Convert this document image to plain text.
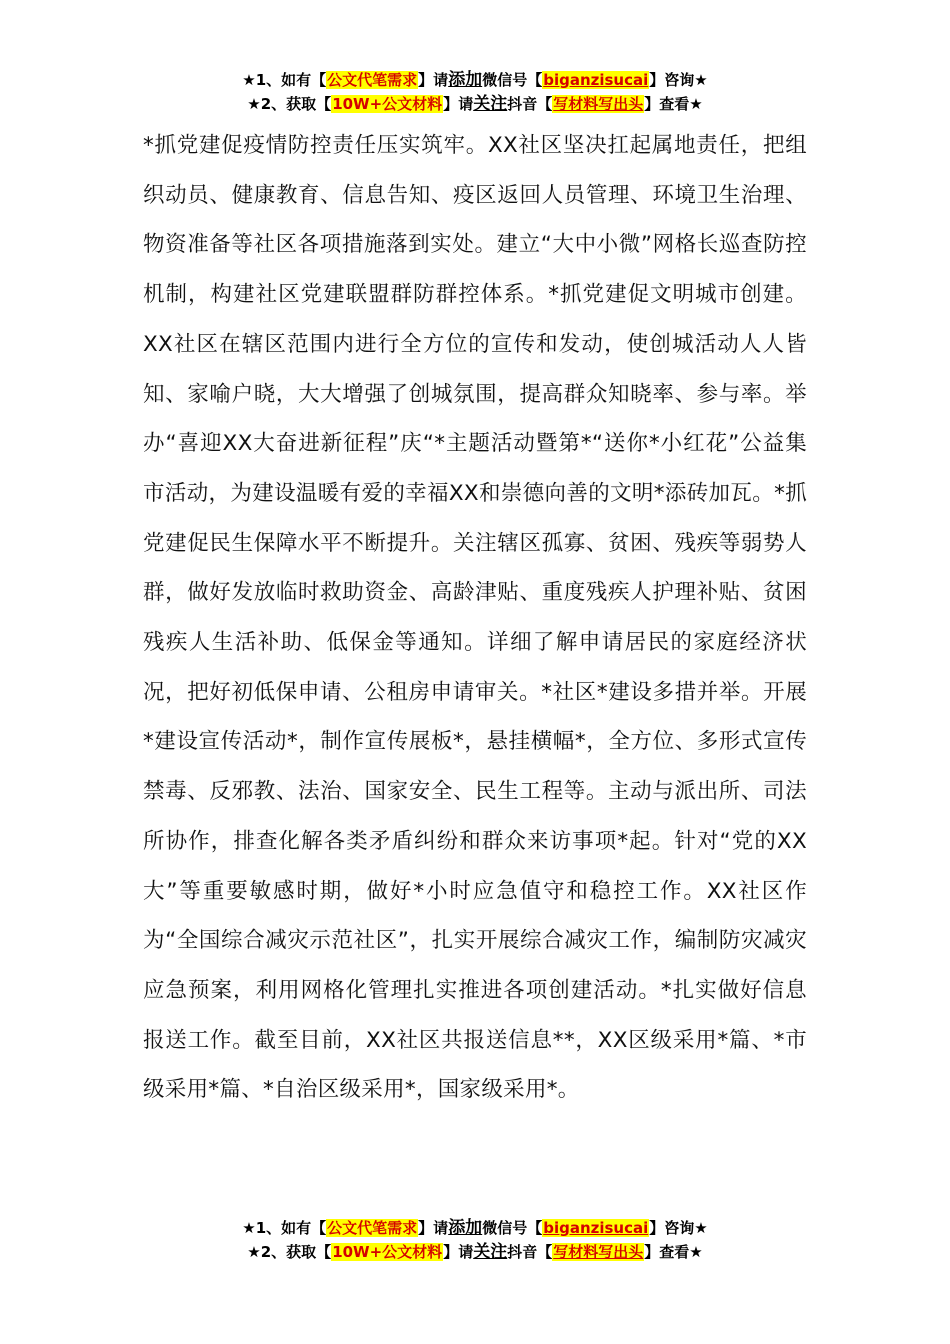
★1、如有【公文代笔需求】请添加微信号【biganzisucai】咨询★
★2、获取【10W+公文材料】请关注抖音【写材料写出头】查看★

*抓党建促疫情防控责任压实筑牢。XX社区坚决扛起属地责任，把组织动员、健康教育、信息告知、疫区返回人员管理、环境卫生治理、物资准备等社区各项措施落到实处。建立“大中小微”网格长巡查防控机制，构建社区党建联盟群防群控体系。*抓党建促文明城市创建。XX社区在辖区范围内进行全方位的宣传和发动，使创城活动人人皆知、家喻户晓，大大增强了创城氛围，提高群众知晓率、参与率。举办“喜迎XX大奋进新征程”庆“*主题活动暨第*“送你*小红花”公益集市活动，为建设温暖有爱的幸福XX和崇德向善的文明*添砖加瓦。*抓党建促民生保障水平不断提升。关注辖区孤寡、贫困、残疾等弱势人群，做好发放临时救助资金、高龄津贴、重度残疾人护理补贴、贫困残疾人生活补助、低保金等通知。详细了解申请居民的家庭经济状况，把好初低保申请、公租房申请审关。*社区*建设多措并举。开展*建设宣传活动*，制作宣传展板*，悬挂横幅*，全方位、多形式宣传禁毒、反邪教、法治、国家安全、民生工程等。主动与派出所、司法所协作，排查化解各类矛盾纠纷和群众来访事项*起。针对“党的XX大”等重要敏感时期，做好*小时应急值守和稳控工作。XX社区作为“全国综合减灾示范社区”，扎实开展综合减灾工作，编制防灾减灾应急预案，利用网格化管理扎实推进各项创建活动。*扎实做好信息报送工作。截至目前，XX社区共报送信息**，XX区级采用*篇、*市级采用*篇、*自治区级采用*，国家级采用*。

★1、如有【公文代笔需求】请添加微信号【biganzisucai】咨询★
★2、获取【10W+公文材料】请关注抖音【写材料写出头】查看★
